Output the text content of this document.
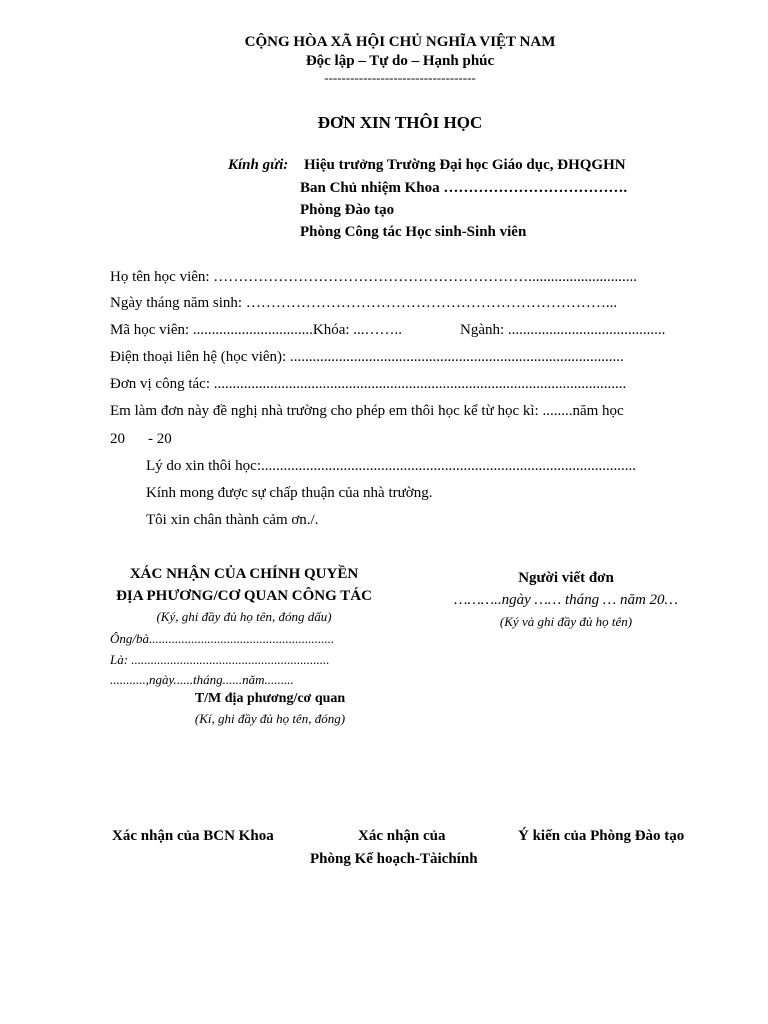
CỘNG HÒA XÃ HỘI CHỦ NGHĨA VIỆT NAM
Độc lập – Tự do – Hạnh phúc
-----------------------------------
ĐƠN XIN THÔI HỌC
Kính gửi: Hiệu trưởng Trường Đại học Giáo dục, ĐHQGHN
Ban Chủ nhiệm Khoa ……………………………….
Phòng Đào tạo
Phòng Công tác Học sinh-Sinh viên
Họ tên học viên: ……………………………………………………….............................
Ngày tháng năm sinh: ………………………………………………………………...
Mã học viên: ................................Khóa: ...……..	Ngành: ..........................................
Điện thoại liên hệ (học viên): .........................................................................................
Đơn vị công tác: ..............................................................................................................
Em làm đơn này đề nghị nhà trường cho phép em thôi học kể từ học kì: ........năm học
20 - 20
Lý do xin thôi học:....................................................................................................
Kính mong được sự chấp thuận của nhà trường.
Tôi xin chân thành cảm ơn./.
XÁC NHẬN CỦA CHÍNH QUYỀN
ĐỊA PHƯƠNG/CƠ QUAN CÔNG TÁC
(Ký, ghi đầy đủ họ tên, đóng dấu)
Ông/bà.........................................................
Là: .............................................................
...........,ngày......tháng......năm.........
T/M địa phương/cơ quan
(Kí, ghi đầy đủ họ tên, đóng)
Người viết đơn
………..ngày …… tháng … năm 20…
(Ký và ghi đầy đủ họ tên)
Xác nhận của BCN Khoa	Xác nhận của
Phòng Kế hoạch-Tàichính
Ý kiến của Phòng Đào tạo
